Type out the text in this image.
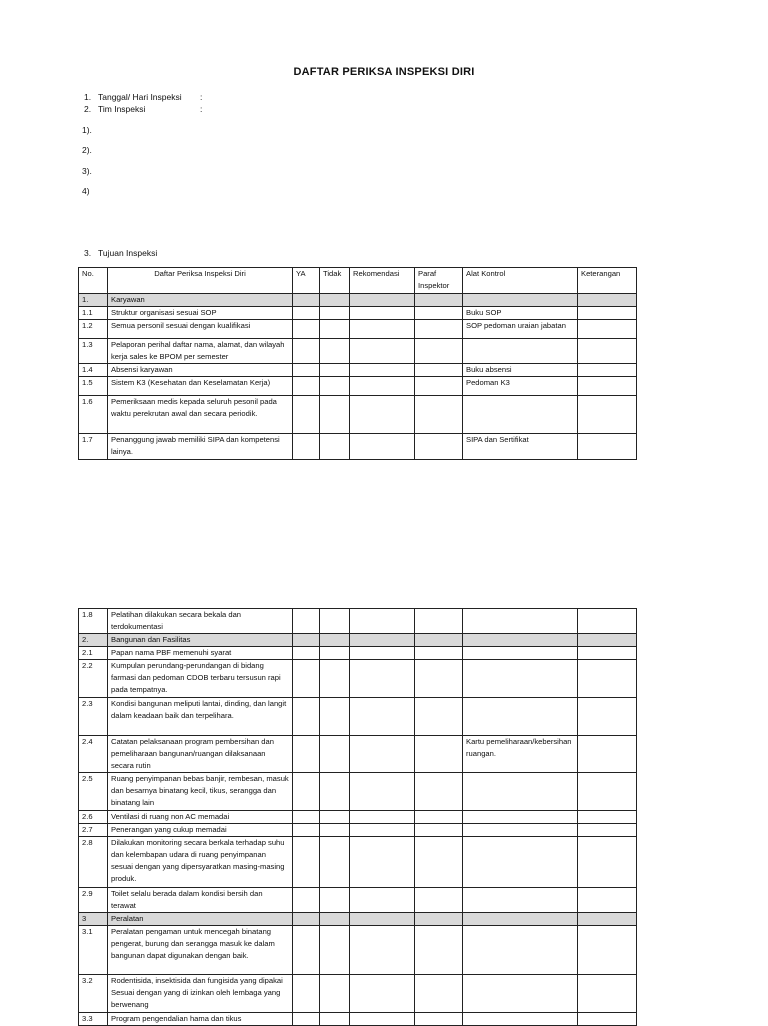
DAFTAR PERIKSA INSPEKSI DIRI
1. Tanggal/ Hari Inspeksi :
2. Tim Inspeksi	:
1).
2).
3).
4)
3. Tujuan Inspeksi
No.	Daftar Periksa Inspeksi Diri	YA	Tidak	Rekomendasi	Paraf Inspektor	Alat Kontrol	Keterangan
1.	Karyawan						
1.1	Struktur organisasi sesuai SOP					Buku SOP	
1.2	Semua personil sesuai dengan kualifikasi					SOP pedoman uraian jabatan	
1.3	Pelaporan perihal daftar nama, alamat, dan wilayah kerja sales ke BPOM per semester						
1.4	Absensi karyawan					Buku absensi	
1.5	Sistem K3 (Kesehatan dan Keselamatan Kerja)					Pedoman K3	
1.6	Pemeriksaan medis kepada seluruh pesonil pada waktu perekrutan awal dan secara periodik.						
1.7	Penanggung jawab memiliki SIPA dan kompetensi lainya.					SIPA dan Sertifikat	
1.8	Pelatihan dilakukan secara bekala dan terdokumentasi						
2.	Bangunan dan Fasilitas						
2.1	Papan nama PBF memenuhi syarat						
2.2	Kumpulan perundang-perundangan di bidang farmasi dan pedoman CDOB terbaru tersusun rapi pada tempatnya.						
2.3	Kondisi bangunan meliputi lantai, dinding, dan langit dalam keadaan baik dan terpelihara.						
2.4	Catatan pelaksanaan program pembersihan dan pemeliharaan bangunan/ruangan dilaksanaan secara rutin					Kartu pemeliharaan/kebersihan ruangan.	
2.5	Ruang penyimpanan bebas banjir, rembesan, masuk dan besarnya binatang kecil, tikus, serangga dan binatang lain						
2.6	Ventilasi di ruang non AC memadai						
2.7	Penerangan yang cukup memadai						
2.8	Dilakukan monitoring secara berkala terhadap suhu dan kelembapan udara di ruang penyimpanan sesuai dengan yang dipersyaratkan masing-masing produk.						
2.9	Toilet selalu berada dalam kondisi bersih dan terawat						
3	Peralatan						
3.1	Peralatan pengaman untuk mencegah binatang pengerat, burung dan serangga masuk ke dalam bangunan dapat digunakan dengan baik.						
3.2	Rodentisida, insektisida dan fungisida yang dipakai Sesuai dengan yang di izinkan oleh lembaga yang berwenang						
3.3	Program pengendalian hama dan tikus						
